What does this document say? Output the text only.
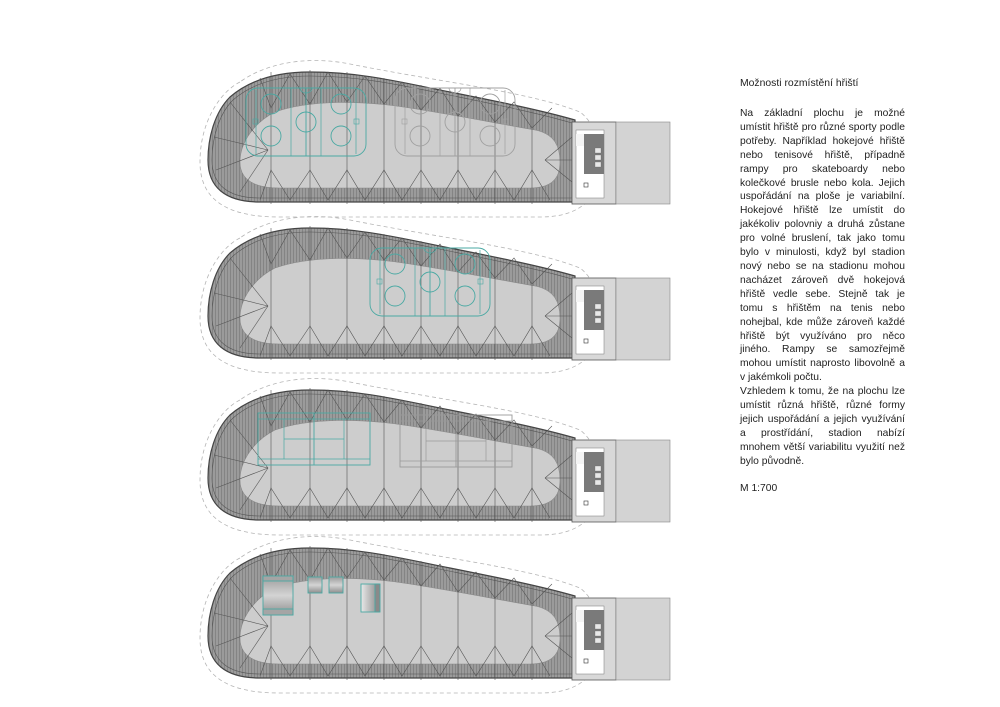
Možnosti rozmístění hřiští

Na základní plochu je možné umístit hřiště pro různé sporty podle potřeby. Například hokejové hřiště nebo tenisové hřiště, případně rampy pro skateboardy nebo kolečkové brusle nebo kola. Jejich uspořádání na ploše je variabilní. Hokejové hřiště lze umístit do jakékoliv polovniy a druhá zůstane pro volné bruslení, tak jako tomu bylo v minulosti, když byl stadion nový nebo se na stadionu mohou nacházet zároveň dvě hokejová hřiště vedle sebe. Stejně tak je tomu s hřištěm na tenis nebo nohejbal, kde může zároveň každé hřiště být využíváno pro něco jiného. Rampy se samozřejmě mohou umístit naprosto libovolně a v jakémkoli počtu.

Vzhledem k tomu, že na plochu lze umístit různá hřiště, různé formy jejich uspořádání a jejich využívání a prostřídání, stadion nabízí mnohem větší variabilitu využití než bylo původně.

M 1:700
